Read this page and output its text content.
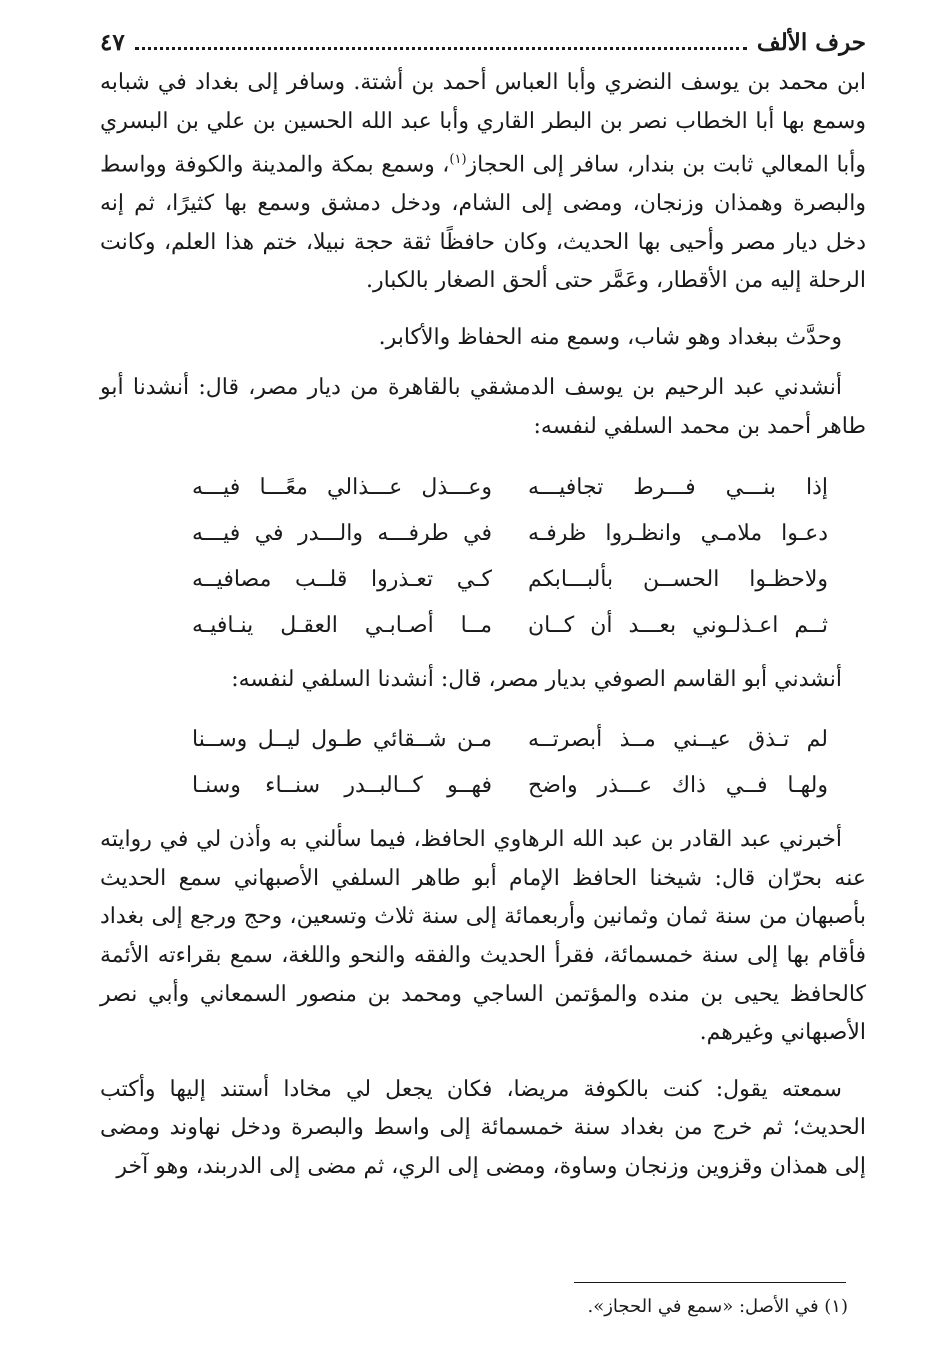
حرف الألف
٤٧

ابن محمد بن يوسف النضري وأبا العباس أحمد بن أشتة. وسافر إلى بغداد في شبابه وسمع بها أبا الخطاب نصر بن البطر القاري وأبا عبد الله الحسين بن علي بن البسري وأبا المعالي ثابت بن بندار، سافر إلى الحجاز$^{(١)}$، وسمع بمكة والمدينة والكوفة وواسط والبصرة وهمذان وزنجان، ومضى إلى الشام، ودخل دمشق وسمع بها كثيرًا، ثم إنه دخل ديار مصر وأحيى بها الحديث، وكان حافظًا ثقة حجة نبيلا، ختم هذا العلم، وكانت الرحلة إليه من الأقطار، وعَمَّر حتى ألحق الصغار بالكبار.

وحدَّث ببغداد وهو شاب، وسمع منه الحفاظ والأكابر.

أنشدني عبد الرحيم بن يوسف الدمشقي بالقاهرة من ديار مصر، قال: أنشدنا أبو طاهر أحمد بن محمد السلفي لنفسه:

إذا بنـــي فـــرط تجافيـــه
وعـــذل عـــذالي معًـــا فيـــه
دعـوا ملامـي وانظـروا ظرفـه
في طرفـــه والـــدر في فيـــه
ولاحظـوا الحســن بألبـــابكم
كـي تعـذروا قلــب مصافيــه
ثــم اعـذلـوني بعـــد أن كــان
مــا أصـابـي العقـل ينـافيـه

أنشدني أبو القاسم الصوفي بديار مصر، قال: أنشدنا السلفي لنفسه:

لم تـذق عيــني مــذ أبصرتــه
مـن شــقائي طـول ليــل وســنا
ولهـا فــي ذاك عـــذر واضح
فهــو كــالبــدر سنــاء وسنـا

أخبرني عبد القادر بن عبد الله الرهاوي الحافظ، فيما سألني به وأذن لي في روايته عنه بحرّان قال: شيخنا الحافظ الإمام أبو طاهر السلفي الأصبهاني سمع الحديث بأصبهان من سنة ثمان وثمانين وأربعمائة إلى سنة ثلاث وتسعين، وحج ورجع إلى بغداد فأقام بها إلى سنة خمسمائة، فقرأ الحديث والفقه والنحو واللغة، سمع بقراءته الأئمة كالحافظ يحيى بن منده والمؤتمن الساجي ومحمد بن منصور السمعاني وأبي نصر الأصبهاني وغيرهم.

سمعته يقول: كنت بالكوفة مريضا، فكان يجعل لي مخادا أستند إليها وأكتب الحديث؛ ثم خرج من بغداد سنة خمسمائة إلى واسط والبصرة ودخل نهاوند ومضى إلى همذان وقزوين وزنجان وساوة، ومضى إلى الري، ثم مضى إلى الدربند، وهو آخر

(١) في الأصل: «سمع في الحجاز».
